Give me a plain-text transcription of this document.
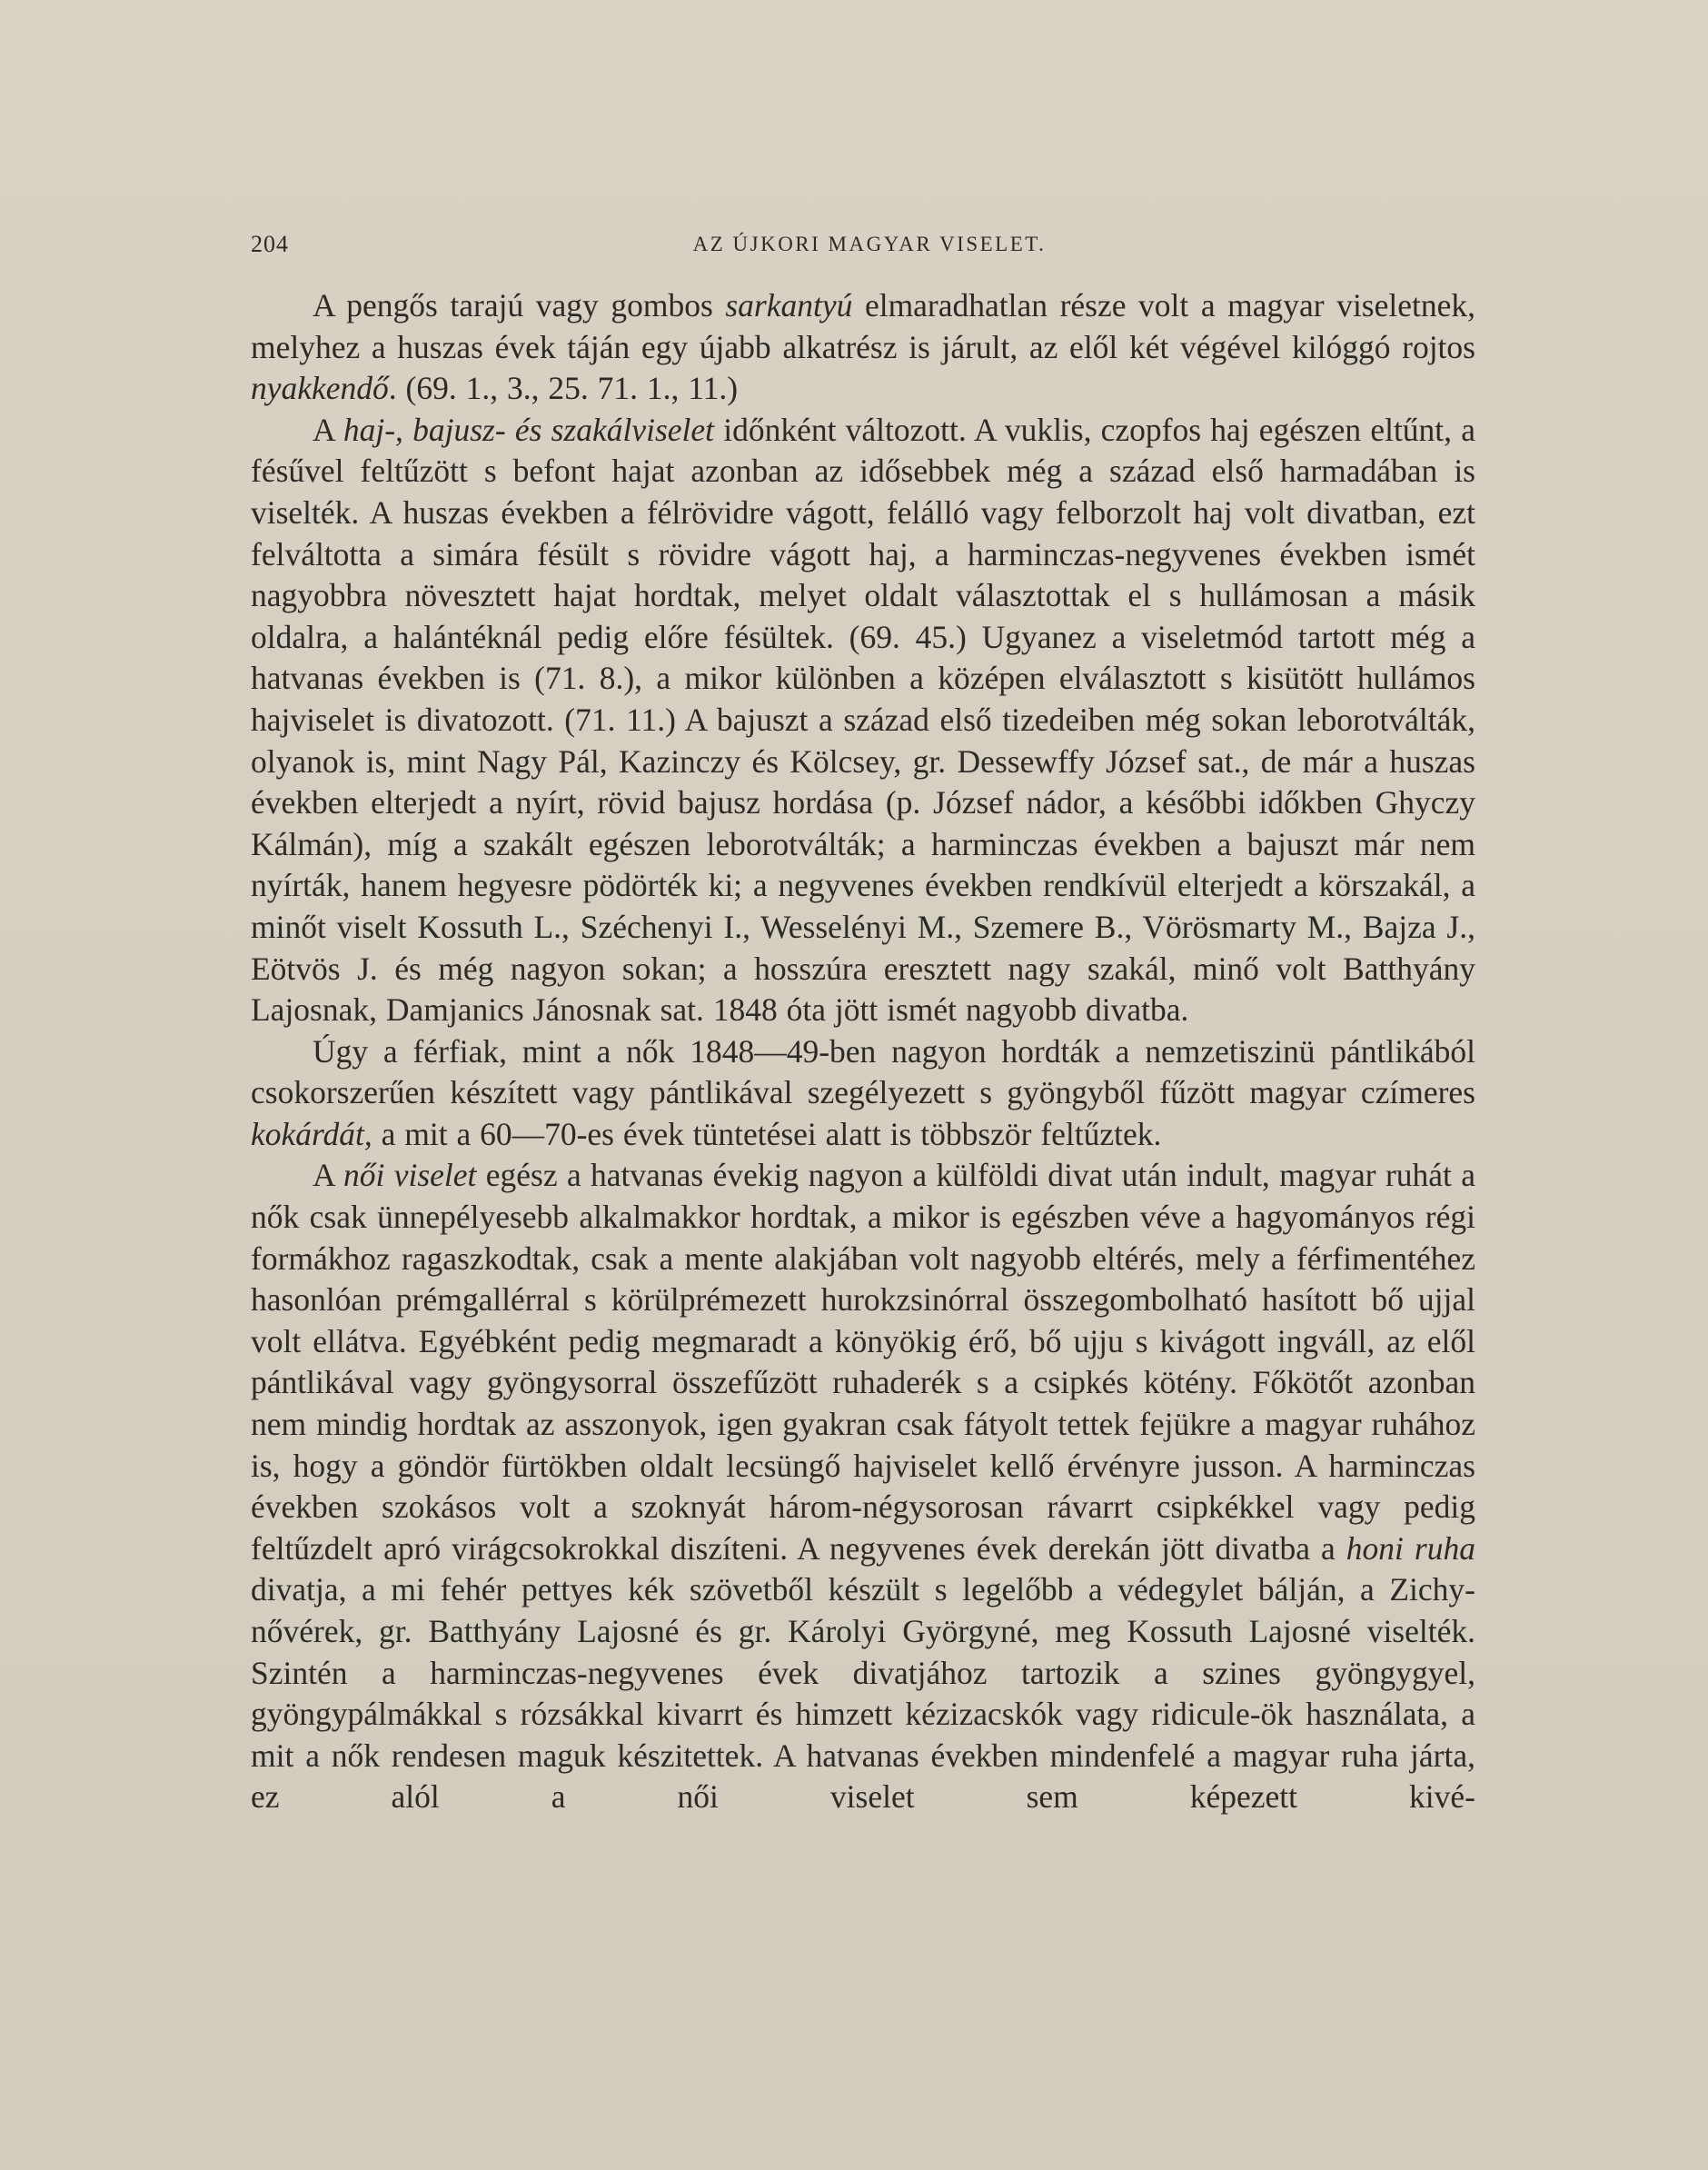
204	AZ ÚJKORI MAGYAR VISELET.

A pengős tarajú vagy gombos sarkantyú elmaradhatlan része volt a magyar viseletnek, melyhez a huszas évek táján egy újabb alkatrész is járult, az elől két végével kilóggó rojtos nyakkendő. (69. 1., 3., 25. 71. 1., 11.)

A haj-, bajusz- és szakálviselet időnként változott. A vuklis, czopfos haj egészen eltűnt, a fésűvel feltűzött s befont hajat azonban az idősebbek még a század első harmadában is viselték. A huszas években a félrövidre vágott, felálló vagy felborzolt haj volt divatban, ezt felváltotta a simára fésült s rövidre vágott haj, a harminczas-negyvenes években ismét nagyobbra növesztett hajat hordtak, melyet oldalt választottak el s hullámosan a másik oldalra, a halántéknál pedig előre fésültek. (69. 45.) Ugyanez a viseletmód tartott még a hatvanas években is (71. 8.), a mikor különben a középen elválasztott s kisütött hullámos hajviselet is divatozott. (71. 11.) A bajuszt a század első tizedeiben még sokan leborotválták, olyanok is, mint Nagy Pál, Kazinczy és Kölcsey, gr. Dessewffy József sat., de már a huszas években elterjedt a nyírt, rövid bajusz hordása (p. József nádor, a későbbi időkben Ghyczy Kálmán), míg a szakált egészen leborotválták; a harminczas években a bajuszt már nem nyírták, hanem hegyesre pödörték ki; a negyvenes években rendkívül elterjedt a körszakál, a minőt viselt Kossuth L., Széchenyi I., Wesselényi M., Szemere B., Vörösmarty M., Bajza J., Eötvös J. és még nagyon sokan; a hosszúra eresztett nagy szakál, minő volt Batthyány Lajosnak, Damjanics Jánosnak sat. 1848 óta jött ismét nagyobb divatba.

Úgy a férfiak, mint a nők 1848—49-ben nagyon hordták a nemzetiszinü pántlikából csokorszerűen készített vagy pántlikával szegélyezett s gyöngyből fűzött magyar czímeres kokárdát, a mit a 60—70-es évek tüntetései alatt is többször feltűztek.

A női viselet egész a hatvanas évekig nagyon a külföldi divat után indult, magyar ruhát a nők csak ünnepélyesebb alkalmakkor hordtak, a mikor is egészben véve a hagyományos régi formákhoz ragaszkodtak, csak a mente alakjában volt nagyobb eltérés, mely a férfimentéhez hasonlóan prémgallérral s körülprémezett hurokzsinórral összegombolható hasított bő ujjal volt ellátva. Egyébként pedig megmaradt a könyökig érő, bő ujju s kivágott ingváll, az elől pántlikával vagy gyöngysorral összefűzött ruhaderék s a csipkés kötény. Főkötőt azonban nem mindig hordtak az asszonyok, igen gyakran csak fátyolt tettek fejükre a magyar ruhához is, hogy a göndör fürtökben oldalt lecsüngő hajviselet kellő érvényre jusson. A harminczas években szokásos volt a szoknyát három-négysorosan rávarrt csipkékkel vagy pedig feltűzdelt apró virágcsokrokkal diszíteni. A negyvenes évek derekán jött divatba a honi ruha divatja, a mi fehér pettyes kék szövetből készült s legelőbb a védegylet bálján, a Zichy-nővérek, gr. Batthyány Lajosné és gr. Károlyi Györgyné, meg Kossuth Lajosné viselték. Szintén a harminczas-negyvenes évek divatjához tartozik a szines gyöngygyel, gyöngypálmákkal s rózsákkal kivarrt és himzett kézizacskók vagy ridicule-ök használata, a mit a nők rendesen maguk készitettek. A hatvanas években mindenfelé a magyar ruha járta, ez alól a női viselet sem képezett kivé-
